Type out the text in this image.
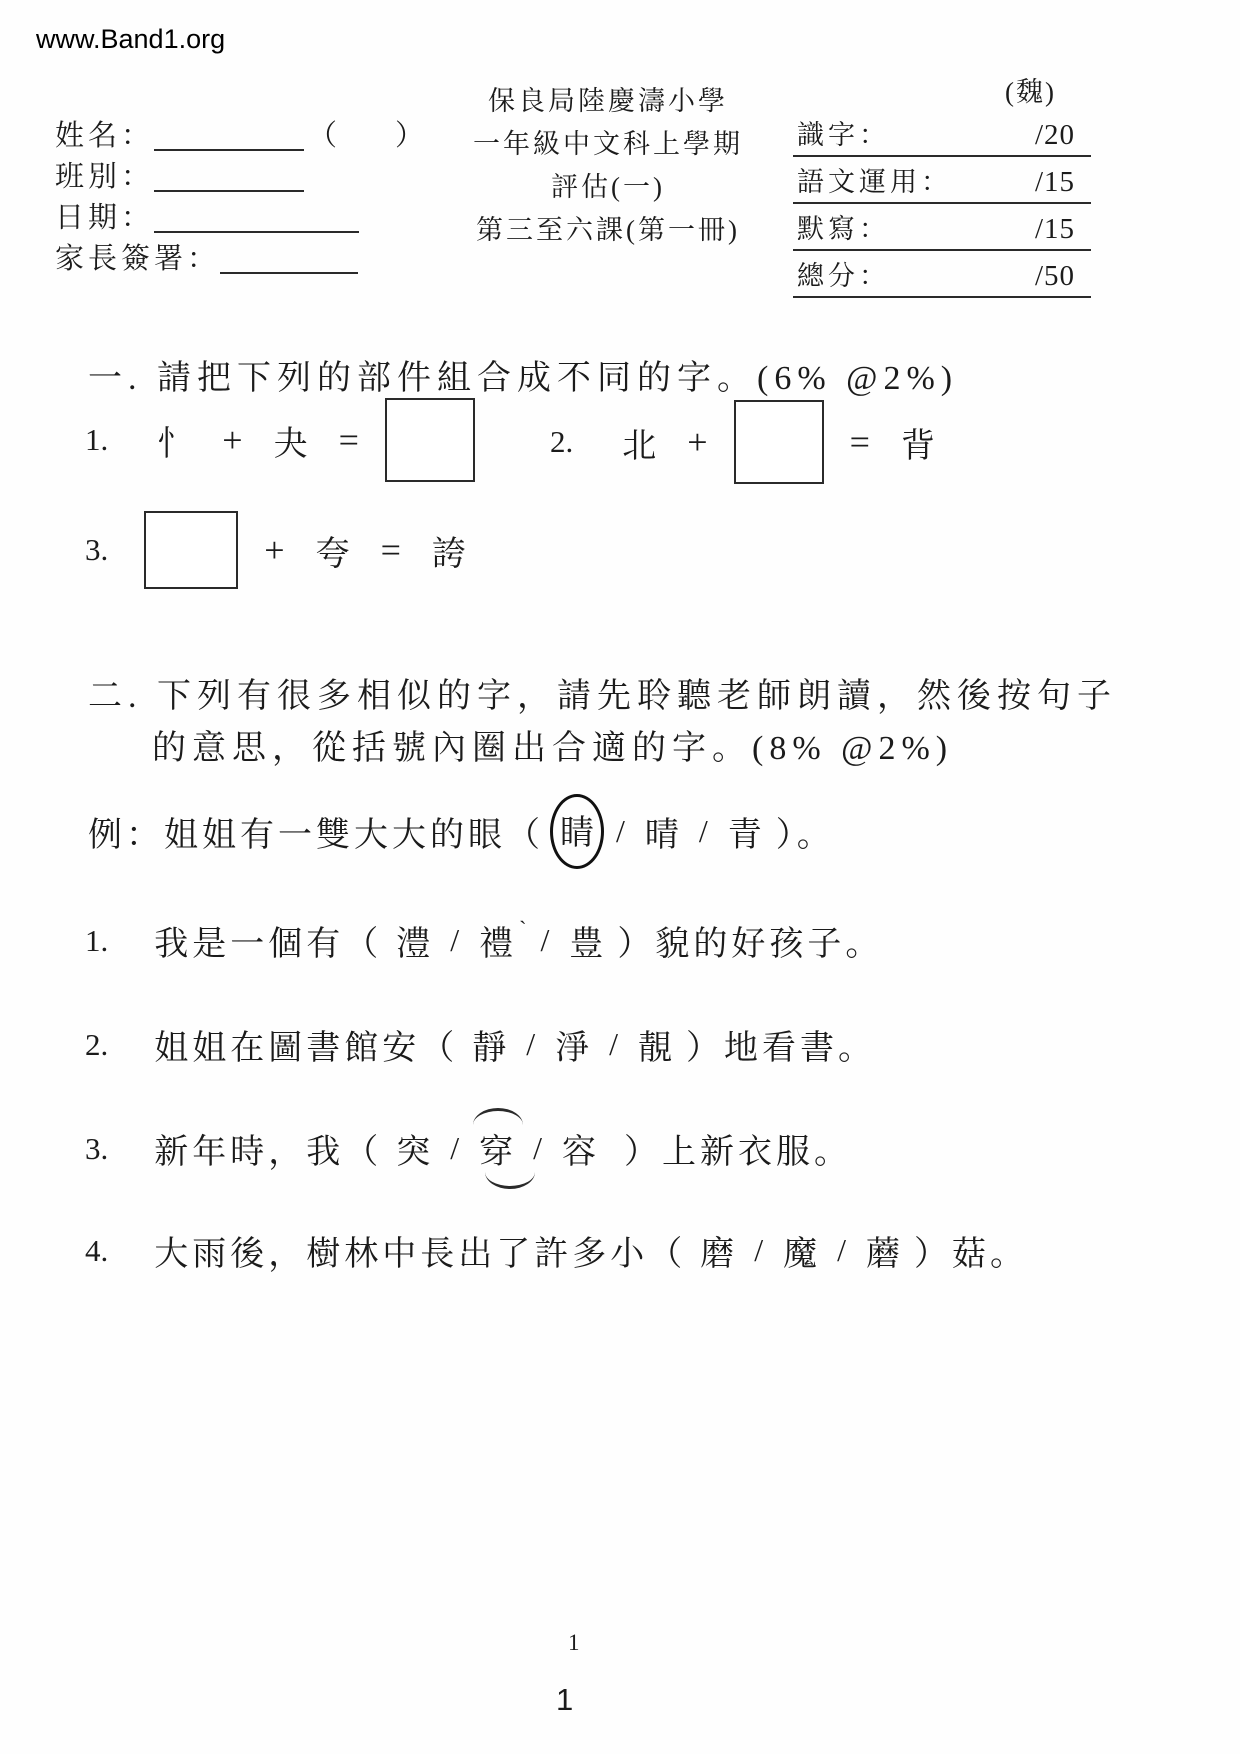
www.Band1.org
(魏)
保良局陸慶濤小學
一年級中文科上學期
評估(一)
第三至六課(第一冊)
姓名：	（　　）
班別：
日期：
家長簽署：
識字：	/20
語文運用：	/15
默寫：	/15
總分：	/50
一. 請把下列的部件組合成不同的字。(6% @2%)
1. 忄 + 夬 =	2. 北 +	= 背
3.	+ 夸 = 誇
二. 下列有很多相似的字，請先聆聽老師朗讀，然後按句子
的意思，從括號內圈出合適的字。(8% @2%)
例：姐姐有一雙大大的眼（ 睛 / 晴 / 青 ）。
1. 我是一個有（ 澧 / 禮 ˋ / 豊 ）貌的好孩子。
2. 姐姐在圖書館安（ 靜 / 淨 / 靚 ）地看書。
3. 新年時，我（ 突 / 穿 / 容 ）上新衣服。
4. 大雨後，樹林中長出了許多小（ 磨 / 魔 / 蘑 ）菇。
1
1
